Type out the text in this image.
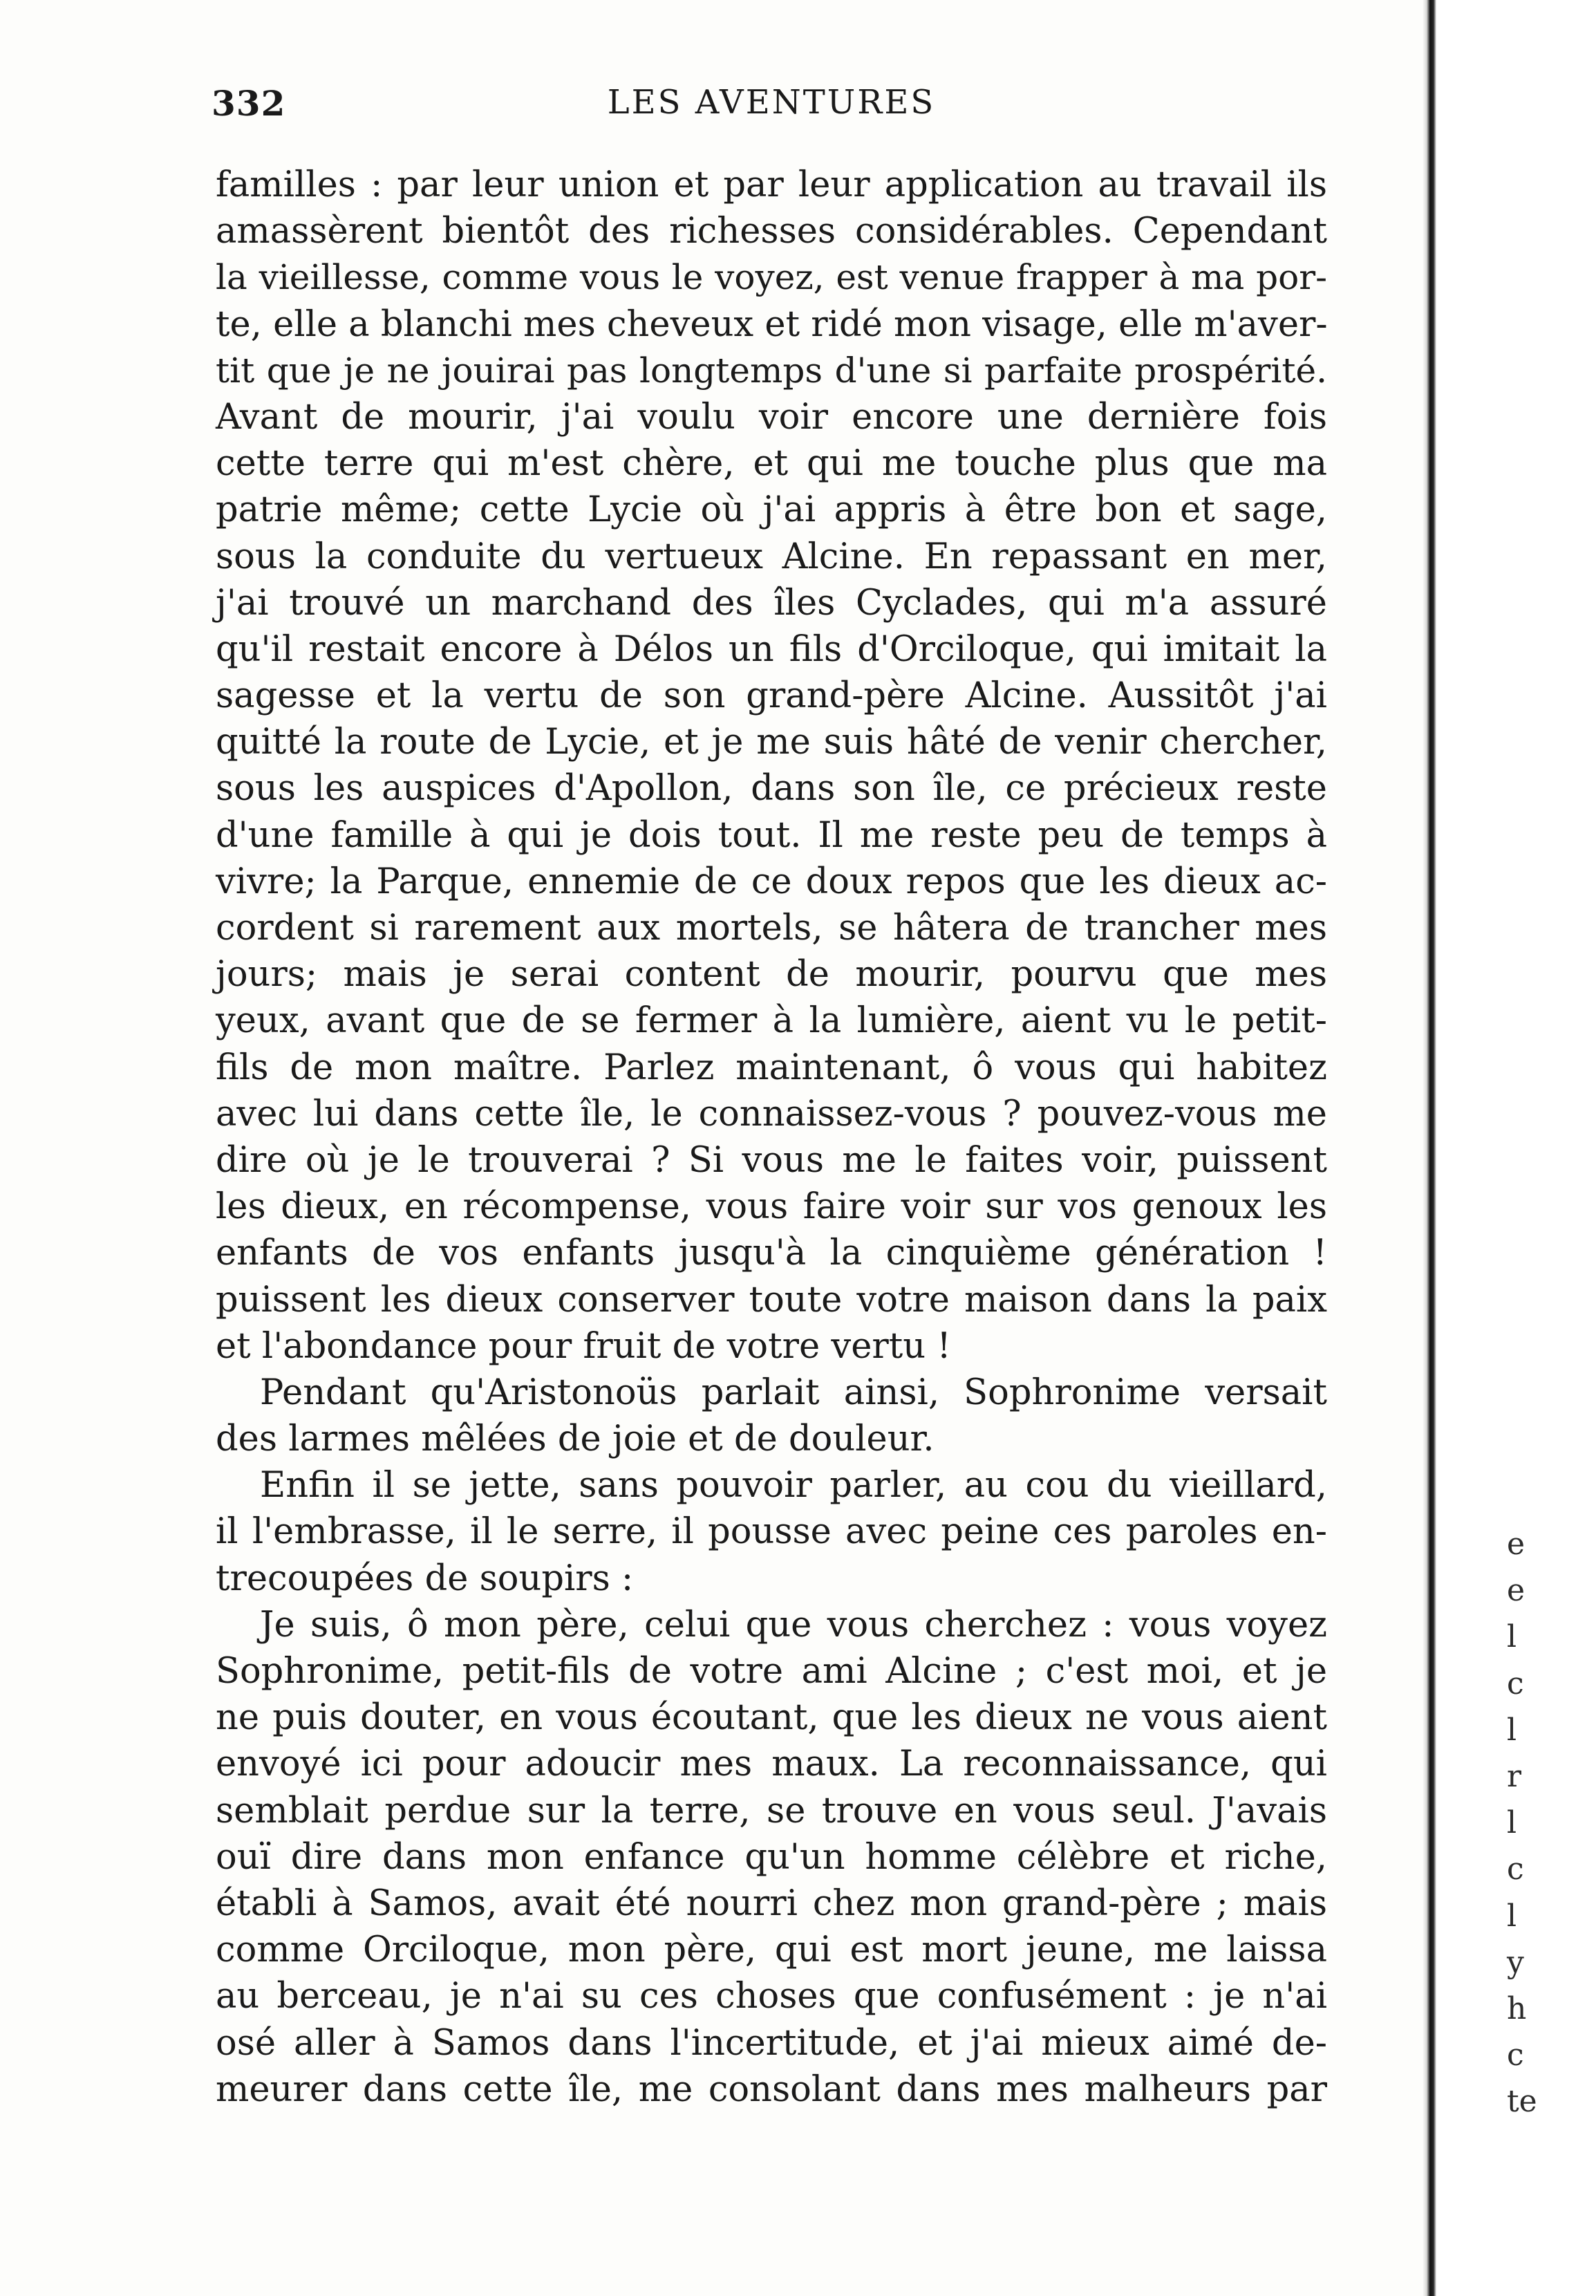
332	LES AVENTURES
familles : par leur union et par leur application au travail ils
amassèrent bientôt des richesses considérables. Cependant
la vieillesse, comme vous le voyez, est venue frapper à ma por-
te, elle a blanchi mes cheveux et ridé mon visage, elle m'aver-
tit que je ne jouirai pas longtemps d'une si parfaite prospérité.
Avant de mourir, j'ai voulu voir encore une dernière fois
cette terre qui m'est chère, et qui me touche plus que ma
patrie même; cette Lycie où j'ai appris à être bon et sage,
sous la conduite du vertueux Alcine. En repassant en mer,
j'ai trouvé un marchand des îles Cyclades, qui m'a assuré
qu'il restait encore à Délos un fils d'Orciloque, qui imitait la
sagesse et la vertu de son grand-père Alcine. Aussitôt j'ai
quitté la route de Lycie, et je me suis hâté de venir chercher,
sous les auspices d'Apollon, dans son île, ce précieux reste
d'une famille à qui je dois tout. Il me reste peu de temps à
vivre; la Parque, ennemie de ce doux repos que les dieux ac-
cordent si rarement aux mortels, se hâtera de trancher mes
jours; mais je serai content de mourir, pourvu que mes
yeux, avant que de se fermer à la lumière, aient vu le petit-
fils de mon maître. Parlez maintenant, ô vous qui habitez
avec lui dans cette île, le connaissez-vous ? pouvez-vous me
dire où je le trouverai ? Si vous me le faites voir, puissent
les dieux, en récompense, vous faire voir sur vos genoux les
enfants de vos enfants jusqu'à la cinquième génération !
puissent les dieux conserver toute votre maison dans la paix
et l'abondance pour fruit de votre vertu !
Pendant qu'Aristonoüs parlait ainsi, Sophronime versait
des larmes mêlées de joie et de douleur.
Enfin il se jette, sans pouvoir parler, au cou du vieillard,
il l'embrasse, il le serre, il pousse avec peine ces paroles en-
trecoupées de soupirs :
Je suis, ô mon père, celui que vous cherchez : vous voyez
Sophronime, petit-fils de votre ami Alcine ; c'est moi, et je
ne puis douter, en vous écoutant, que les dieux ne vous aient
envoyé ici pour adoucir mes maux. La reconnaissance, qui
semblait perdue sur la terre, se trouve en vous seul. J'avais
ouï dire dans mon enfance qu'un homme célèbre et riche,
établi à Samos, avait été nourri chez mon grand-père ; mais
comme Orciloque, mon père, qui est mort jeune, me laissa
au berceau, je n'ai su ces choses que confusément : je n'ai
osé aller à Samos dans l'incertitude, et j'ai mieux aimé de-
meurer dans cette île, me consolant dans mes malheurs par
e
e
l
c
l
r
l
c
l
y
h
c
te
